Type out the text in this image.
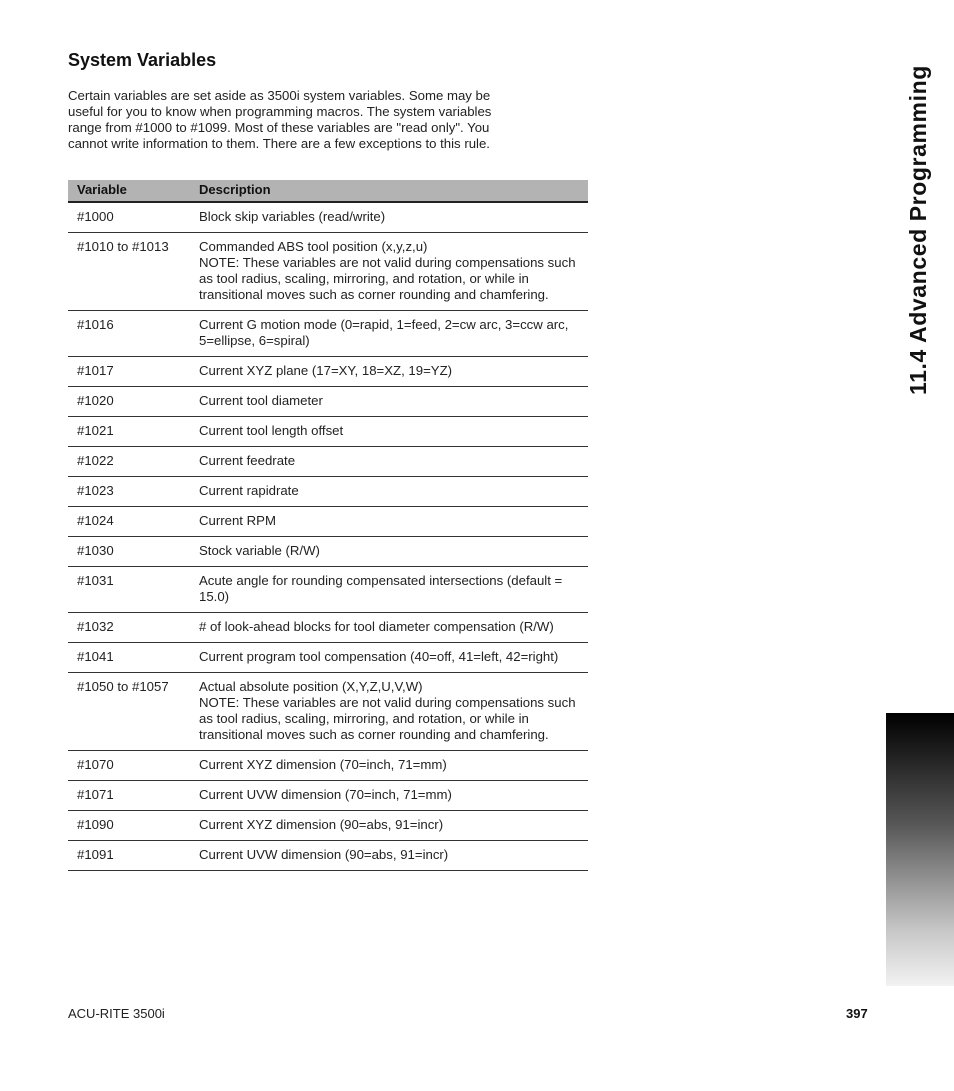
System Variables

Certain variables are set aside as 3500i system variables. Some may be useful for you to know when programming macros. The system variables range from #1000 to #1099. Most of these variables are "read only". You cannot write information to them. There are a few exceptions to this rule.

Variable	Description
#1000	Block skip variables (read/write)
#1010 to #1013	Commanded ABS tool position (x,y,z,u)
NOTE: These variables are not valid during compensations such as tool radius, scaling, mirroring, and rotation, or while in transitional moves such as corner rounding and chamfering.
#1016	Current G motion mode (0=rapid, 1=feed, 2=cw arc, 3=ccw arc, 5=ellipse, 6=spiral)
#1017	Current XYZ plane (17=XY, 18=XZ, 19=YZ)
#1020	Current tool diameter
#1021	Current tool length offset
#1022	Current feedrate
#1023	Current rapidrate
#1024	Current RPM
#1030	Stock variable (R/W)
#1031	Acute angle for rounding compensated intersections (default = 15.0)
#1032	# of look-ahead blocks for tool diameter compensation (R/W)
#1041	Current program tool compensation (40=off, 41=left, 42=right)
#1050 to #1057	Actual absolute position (X,Y,Z,U,V,W)
NOTE: These variables are not valid during compensations such as tool radius, scaling, mirroring, and rotation, or while in transitional moves such as corner rounding and chamfering.
#1070	Current XYZ dimension (70=inch, 71=mm)
#1071	Current UVW dimension (70=inch, 71=mm)
#1090	Current XYZ dimension (90=abs, 91=incr)
#1091	Current UVW dimension (90=abs, 91=incr)
11.4 Advanced Programming
ACU-RITE 3500i	397
